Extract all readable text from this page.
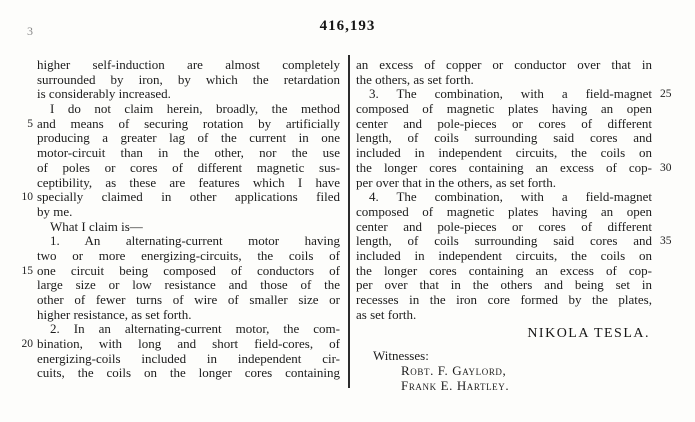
3	416,193
higher self-induction are almost completely
surrounded by iron, by which the retardation
is considerably increased.
I do not claim herein, broadly, the method
5 and means of securing rotation by artificially
producing a greater lag of the current in one
motor-circuit than in the other, nor the use
of poles or cores of different magnetic sus-
ceptibility, as these are features which I have
10 specially claimed in other applications filed
by me.
What I claim is—
1. An alternating-current motor having
two or more energizing-circuits, the coils of
15 one circuit being composed of conductors of
large size or low resistance and those of the
other of fewer turns of wire of smaller size or
higher resistance, as set forth.
2. In an alternating-current motor, the com-
20 bination, with long and short field-cores, of
energizing-coils included in independent cir-
cuits, the coils on the longer cores containing
an excess of copper or conductor over that in
the others, as set forth.
3. The combination, with a field-magnet 25
composed of magnetic plates having an open
center and pole-pieces or cores of different
length, of coils surrounding said cores and
included in independent circuits, the coils on
the longer cores containing an excess of cop- 30
per over that in the others, as set forth.
4. The combination, with a field-magnet
composed of magnetic plates having an open
center and pole-pieces or cores of different
length, of coils surrounding said cores and 35
included in independent circuits, the coils on
the longer cores containing an excess of cop-
per over that in the others and being set in
recesses in the iron core formed by the plates,
as set forth.
NIKOLA TESLA.
Witnesses:
Robt. F. Gaylord,
Frank E. Hartley.
